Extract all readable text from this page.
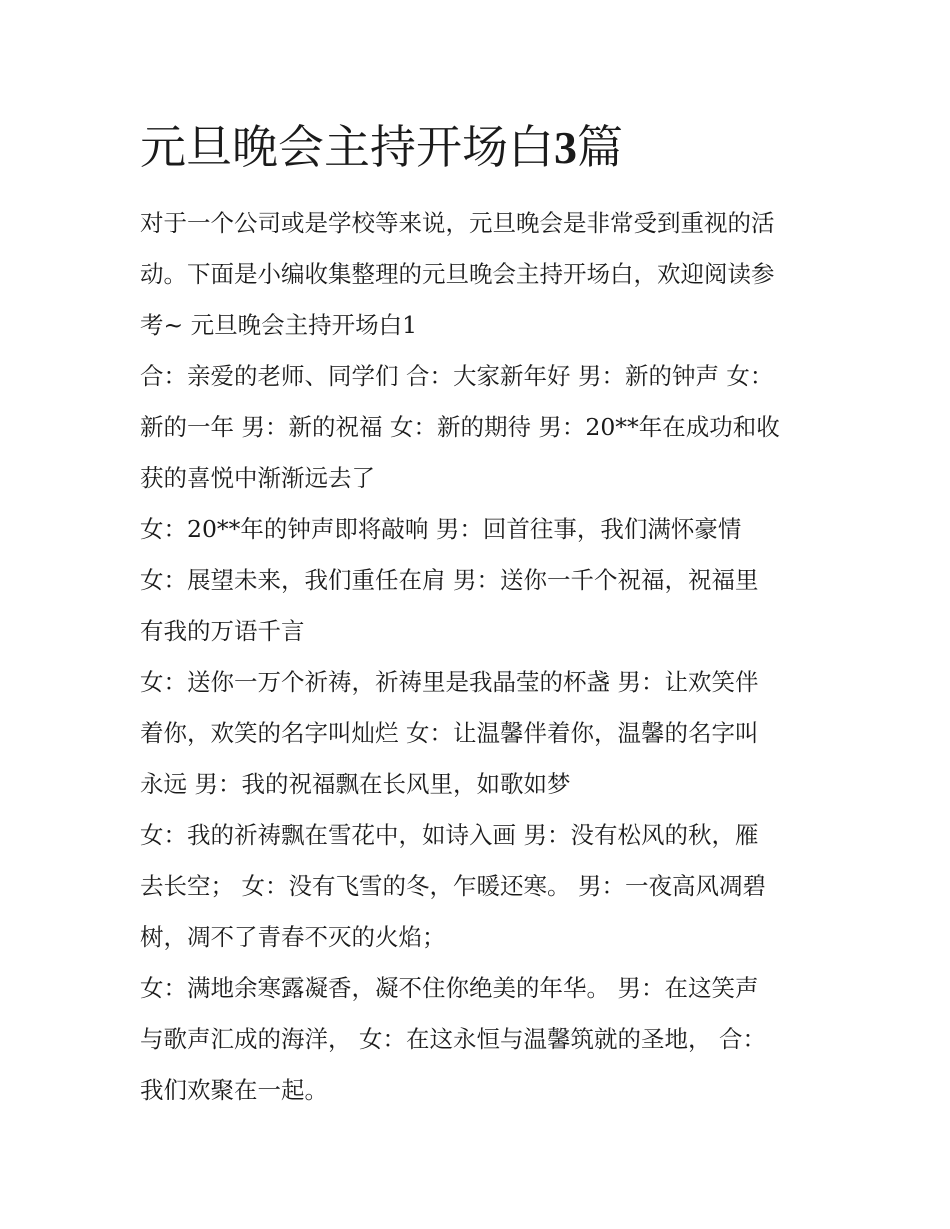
元旦晚会主持开场白3篇

对于一个公司或是学校等来说，元旦晚会是非常受到重视的活

动。下面是小编收集整理的元旦晚会主持开场白，欢迎阅读参

考~ 元旦晚会主持开场白1

合：亲爱的老师、同学们 合：大家新年好 男：新的钟声 女：

新的一年 男：新的祝福 女：新的期待 男：20**年在成功和收

获的喜悦中渐渐远去了

女：20**年的钟声即将敲响 男：回首往事，我们满怀豪情

女：展望未来，我们重任在肩 男：送你一千个祝福，祝福里

有我的万语千言

女：送你一万个祈祷，祈祷里是我晶莹的杯盏 男：让欢笑伴

着你，欢笑的名字叫灿烂 女：让温馨伴着你，温馨的名字叫

永远 男：我的祝福飘在长风里，如歌如梦

女：我的祈祷飘在雪花中，如诗入画 男：没有松风的秋，雁

去长空； 女：没有飞雪的冬，乍暖还寒。 男：一夜高风凋碧

树，凋不了青春不灭的火焰；

女：满地余寒露凝香，凝不住你绝美的年华。 男：在这笑声

与歌声汇成的海洋， 女：在这永恒与温馨筑就的圣地， 合：

我们欢聚在一起。
